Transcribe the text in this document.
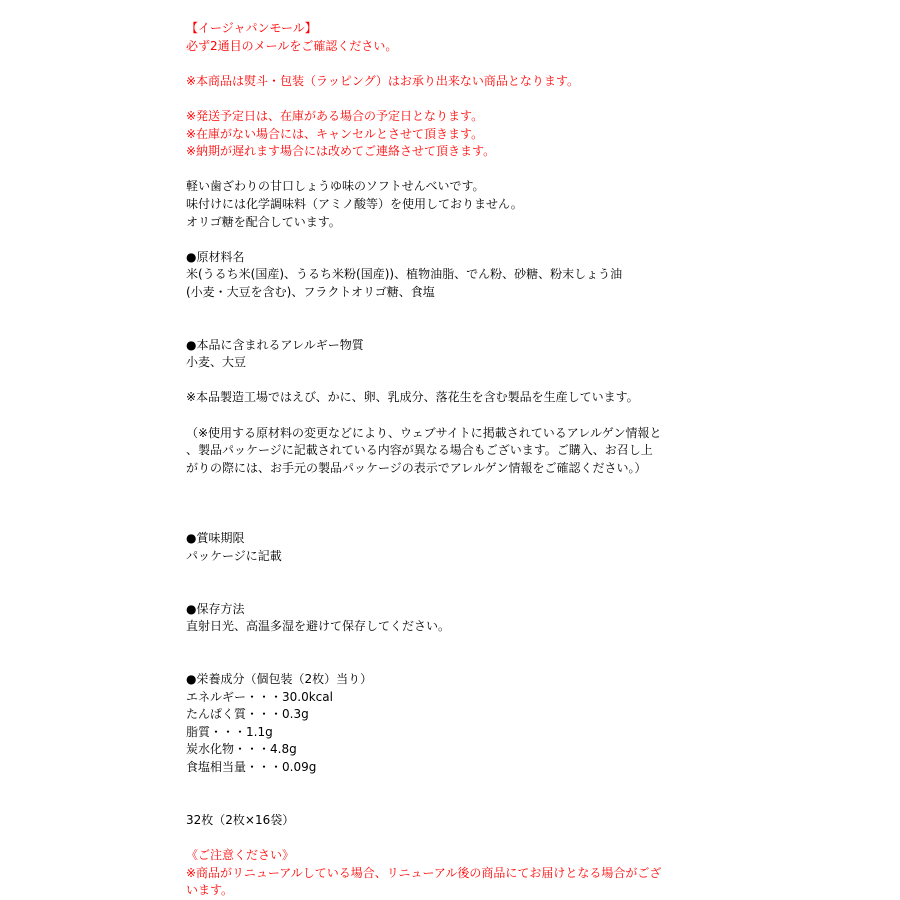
【イージャパンモール】
必ず2通目のメールをご確認ください。
※本商品は熨斗・包装（ラッピング）はお承り出来ない商品となります。
※発送予定日は、在庫がある場合の予定日となります。
※在庫がない場合には、キャンセルとさせて頂きます。
※納期が遅れます場合には改めてご連絡させて頂きます。
軽い歯ざわりの甘口しょうゆ味のソフトせんべいです。
味付けには化学調味料（アミノ酸等）を使用しておりません。
オリゴ糖を配合しています。
●原材料名
米(うるち米(国産)、うるち米粉(国産))、植物油脂、でん粉、砂糖、粉末しょう油
(小麦・大豆を含む)、フラクトオリゴ糖、食塩
●本品に含まれるアレルギー物質
小麦、大豆
※本品製造工場ではえび、かに、卵、乳成分、落花生を含む製品を生産しています。
（※使用する原材料の変更などにより、ウェブサイトに掲載されているアレルゲン情報と
、製品パッケージに記載されている内容が異なる場合もございます。ご購入、お召し上
がりの際には、お手元の製品パッケージの表示でアレルゲン情報をご確認ください。）
●賞味期限
パッケージに記載
●保存方法
直射日光、高温多湿を避けて保存してください。
●栄養成分（個包装（2枚）当り）
エネルギー・・・30.0kcal
たんぱく質・・・0.3g
脂質・・・1.1g
炭水化物・・・4.8g
食塩相当量・・・0.09g
32枚（2枚×16袋）
《ご注意ください》
※商品がリニューアルしている場合、リニューアル後の商品にてお届けとなる場合がござ
います。
